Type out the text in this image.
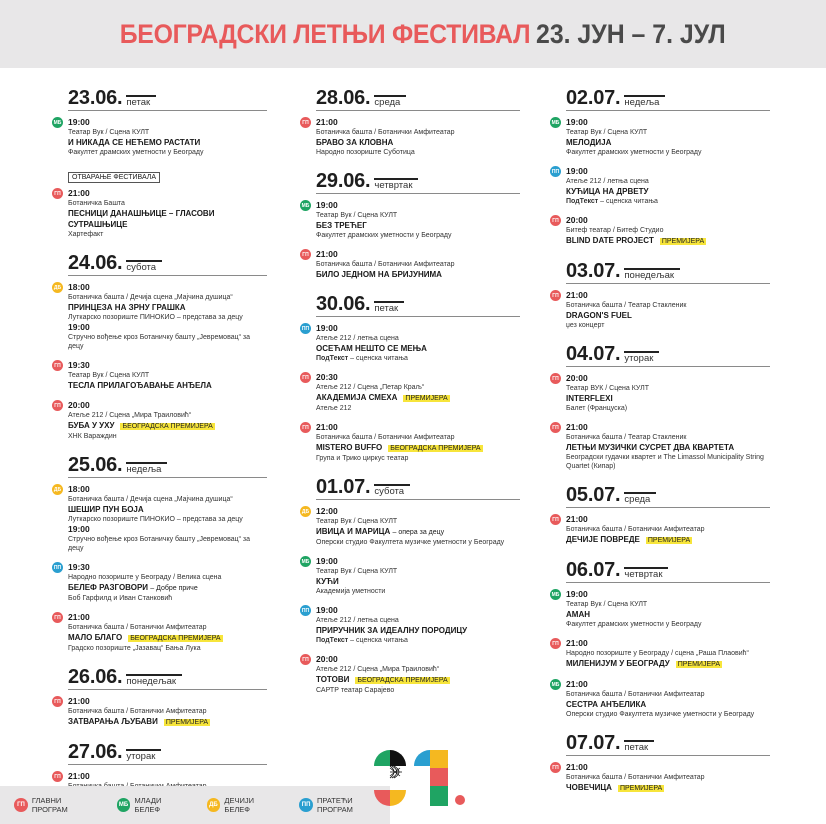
БЕОГРАДСКИ ЛЕТЊИ ФЕСТИВАЛ 23. ЈУН – 7. ЈУЛ
23.06. петак
МБ 19:00
Театар Вук / Сцена КУЛТ
И НИКАДА СЕ НЕЋЕМО РАСТАТИ
Факултет драмских уметности у Београду
ОТВАРАЊЕ ФЕСТИВАЛА
ГП 21:00
Ботаничка Башта
ПЕСНИЦИ ДАНАШЊИЦЕ – ГЛАСОВИ СУТРАШЊИЦЕ
Хартефакт
24.06. субота
ДБ 18:00
Ботаничка башта / Дечија сцена „Мајчина душица“
ПРИНЦЕЗА НА ЗРНУ ГРАШКА
Луткарско позориште ПИНОКИО – представа за децу
19:00
Стручно вођење кроз Ботаничку башту „Јевремовац“ за децу
ГП 19:30
Театар Вук / Сцена КУЛТ
ТЕСЛА ПРИЛАГОЂАВАЊЕ АНЂЕЛА
ГП 20:00
Атеље 212 / Сцена „Мира Траиловић“
БУБА У УХУ БЕОГРАДСКА ПРЕМИЈЕРА
ХНК Вараждин
25.06. недеља
ДБ 18:00
Ботаничка башта / Дечија сцена „Мајчина душица“
ШЕШИР ПУН БОЈА
Луткарско позориште ПИНОКИО – представа за децу
19:00
Стручно вођење кроз Ботаничку башту „Јевремовац“ за децу
ПП 19:30
Народно позориште у Београду / Велика сцена
БЕЛЕФ РАЗГОВОРИ – Добре приче
Боб Гарфилд и Иван Станковић
ГП 21:00
Ботаничка башта / Ботанички Амфитеатар
МАЛО БЛАГО БЕОГРАДСКА ПРЕМИЈЕРА
Градско позориште „Јазавац“ Бања Лука
26.06. понедељак
ГП 21:00
Ботаничка башта / Ботанички Амфитеатар
ЗАТВАРАЊА ЉУБАВИ ПРЕМИЈЕРА
27.06. уторак
ГП 21:00
28.06. среда
ГП 21:00
Ботаничка башта / Ботанички Амфитеатар
БРАВО ЗА КЛОВНА
Народно позориште Суботица
29.06. четвртак
МБ 19:00
Театар Вук / Сцена КУЛТ
БЕЗ ТРЕЋЕГ
Факултет драмских уметности у Београду
ГП 21:00
Ботаничка башта / Ботанички Амфитеатар
БИЛО ЈЕДНОМ НА БРИЈУНИМА
30.06. петак
ПП 19:00
Атеље 212 / летња сцена
ОСЕЋАМ НЕШТО СЕ МЕЊА
ПодТекст – сценска читања
ГП 20:30
Атеље 212 / Сцена „Петар Краљ“
АКАДЕМИЈА СМЕХА ПРЕМИЈЕРА
Атеље 212
ГП 21:00
Ботаничка башта / Ботанички Амфитеатар
MISTERO BUFFO БЕОГРАДСКА ПРЕМИЈЕРА
Група и Трико циркус театар
01.07. субота
ДБ 12:00
Театар Вук / Сцена КУЛТ
ИВИЦА И МАРИЦА – опера за децу
Оперски студио Факултета музичке уметности у Београду
МБ 19:00
Театар Вук / Сцена КУЛТ
КУЋИ
Академија уметности
ПП 19:00
Атеље 212 / летња сцена
ПРИРУЧНИК ЗА ИДЕАЛНУ ПОРОДИЦУ
ПодТекст – сценска читања
ГП 20:00
Атеље 212 / Сцена „Мира Траиловић“
ТОТОВИ БЕОГРАДСКА ПРЕМИЈЕРА
САРТР театар Сарајево
02.07. недеља
МБ 19:00
Театар Вук / Сцена КУЛТ
МЕЛОДИЈА
Факултет драмских уметности у Београду
ПП 19:00
Атеље 212 / летња сцена
КУЋИЦА НА ДРВЕТУ
ПодТекст – сценска читања
ГП 20:00
Битеф театар / Битеф Студио
BLIND DATE PROJECT ПРЕМИЈЕРА
03.07. понедељак
ГП 21:00
Ботаничка башта / Театар Стакленик
DRAGON'S FUEL
џез концерт
04.07. уторак
ГП 20:00
Театар ВУК / Сцена КУЛТ
INTERFLEXI
Балет (Француска)
ГП 21:00
Ботаничка башта / Театар Стакленик
ЛЕТЊИ МУЗИЧКИ СУСРЕТ ДВА КВАРТЕТА
Београдски гудачки квартет и The Limassol Municipality String Quartet (Кипар)
05.07. среда
ГП 21:00
Ботаничка башта / Ботанички Амфитеатар
ДЕЧИЈЕ ПОВРЕДЕ ПРЕМИЈЕРА
06.07. четвртак
МБ 19:00
Театар Вук / Сцена КУЛТ
АМАН
Факултет драмских уметности у Београду
ГП 21:00
Народно позориште у Београду / сцена „Раша Плаовић“
МИЛЕНИЈУМ У БЕОГРАДУ ПРЕМИЈЕРА
МБ 21:00
Ботаничка башта / Ботанички Амфитеатар
СЕСТРА АНЂЕЛИКА
Оперски студио Факултета музичке уметности у Београду
07.07. петак
ГП 21:00
Ботаничка башта / Ботанички Амфитеатар
ЧОВЕЧИЦА ПРЕМИЈЕРА
ГП ГЛАВНИ ПРОГРАМ	МБ МЛАДИ БЕЛЕФ	ДБ ДЕЧИЈИ БЕЛЕФ	ПП ПРАТЕЋИ ПРОГРАМ
